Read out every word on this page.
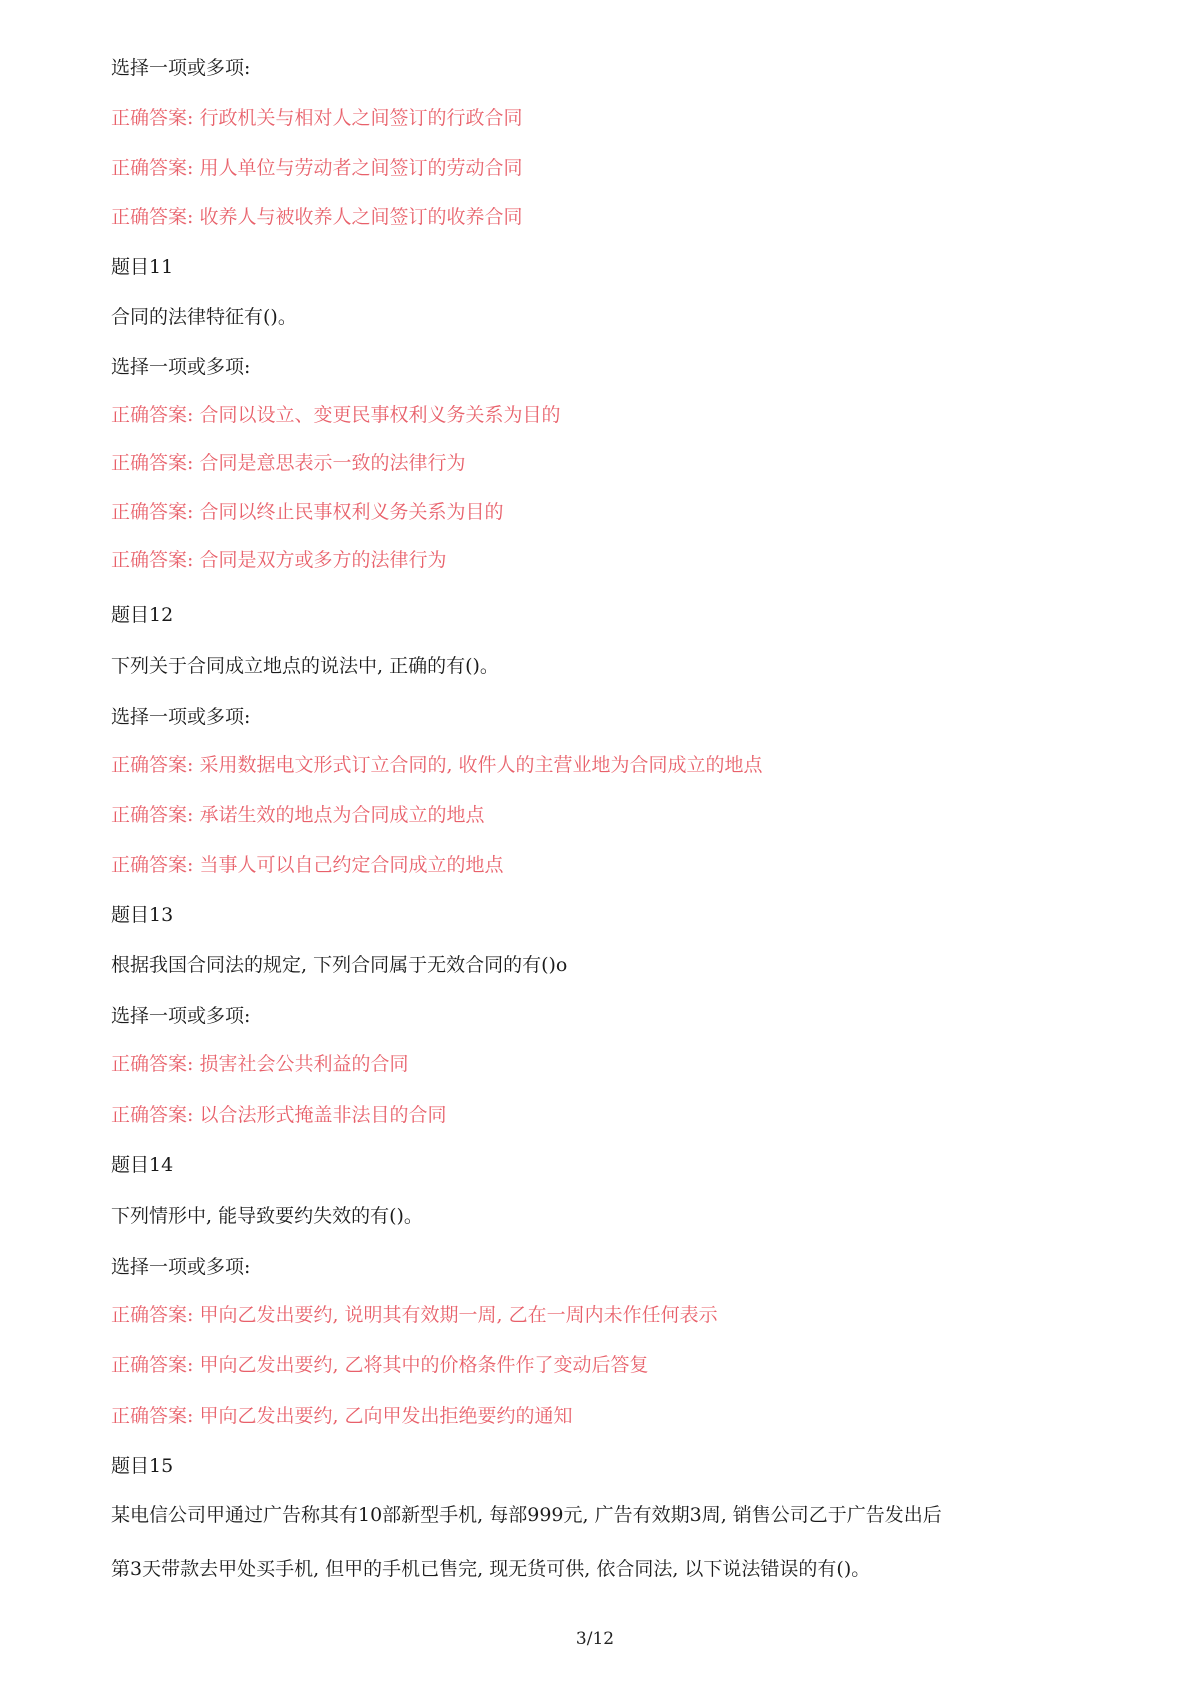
选择一项或多项:
正确答案: 行政机关与相对人之间签订的行政合同
正确答案: 用人单位与劳动者之间签订的劳动合同
正确答案: 收养人与被收养人之间签订的收养合同
题目11
合同的法律特征有()。
选择一项或多项:
正确答案: 合同以设立、变更民事权利义务关系为目的
正确答案: 合同是意思表示一致的法律行为
正确答案: 合同以终止民事权利义务关系为目的
正确答案: 合同是双方或多方的法律行为
题目12
下列关于合同成立地点的说法中, 正确的有()。
选择一项或多项:
正确答案: 采用数据电文形式订立合同的, 收件人的主营业地为合同成立的地点
正确答案: 承诺生效的地点为合同成立的地点
正确答案: 当事人可以自己约定合同成立的地点
题目13
根据我国合同法的规定, 下列合同属于无效合同的有()o
选择一项或多项:
正确答案: 损害社会公共利益的合同
正确答案: 以合法形式掩盖非法目的合同
题目14
下列情形中, 能导致要约失效的有()。
选择一项或多项:
正确答案: 甲向乙发出要约, 说明其有效期一周, 乙在一周内未作任何表示
正确答案: 甲向乙发出要约, 乙将其中的价格条件作了变动后答复
正确答案: 甲向乙发出要约, 乙向甲发出拒绝要约的通知
题目15
某电信公司甲通过广告称其有10部新型手机, 每部999元, 广告有效期3周, 销售公司乙于广告发出后
第3天带款去甲处买手机, 但甲的手机已售完, 现无货可供, 依合同法, 以下说法错误的有()。
3/12
